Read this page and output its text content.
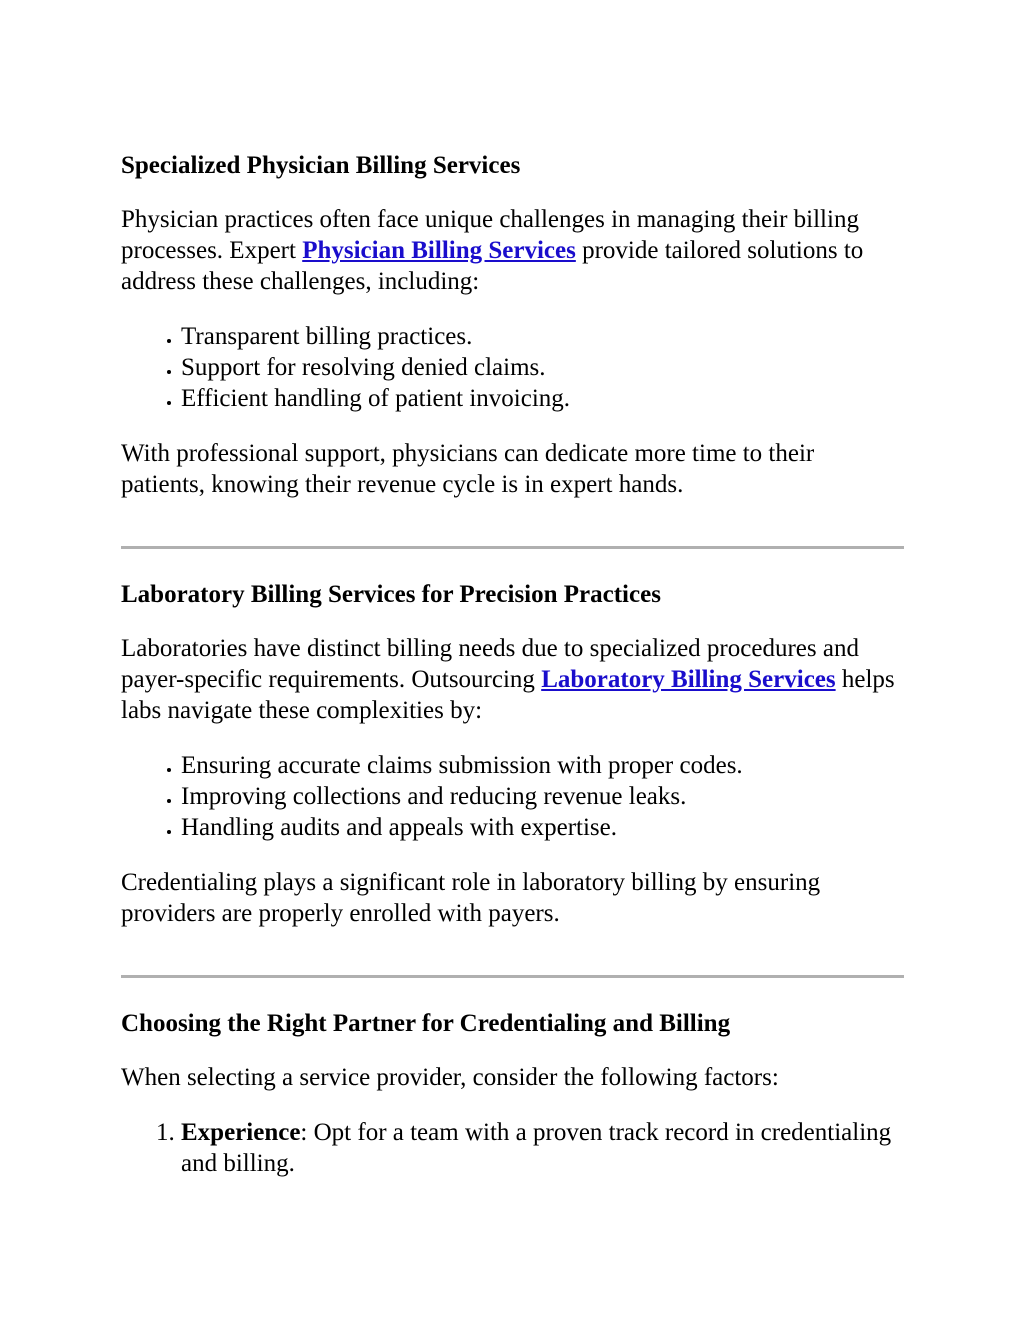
Specialized Physician Billing Services

Physician practices often face unique challenges in managing their billing processes. Expert Physician Billing Services provide tailored solutions to address these challenges, including:

• Transparent billing practices.
• Support for resolving denied claims.
• Efficient handling of patient invoicing.

With professional support, physicians can dedicate more time to their patients, knowing their revenue cycle is in expert hands.

Laboratory Billing Services for Precision Practices

Laboratories have distinct billing needs due to specialized procedures and payer-specific requirements. Outsourcing Laboratory Billing Services helps labs navigate these complexities by:

• Ensuring accurate claims submission with proper codes.
• Improving collections and reducing revenue leaks.
• Handling audits and appeals with expertise.

Credentialing plays a significant role in laboratory billing by ensuring providers are properly enrolled with payers.

Choosing the Right Partner for Credentialing and Billing

When selecting a service provider, consider the following factors:

1. Experience: Opt for a team with a proven track record in credentialing and billing.
